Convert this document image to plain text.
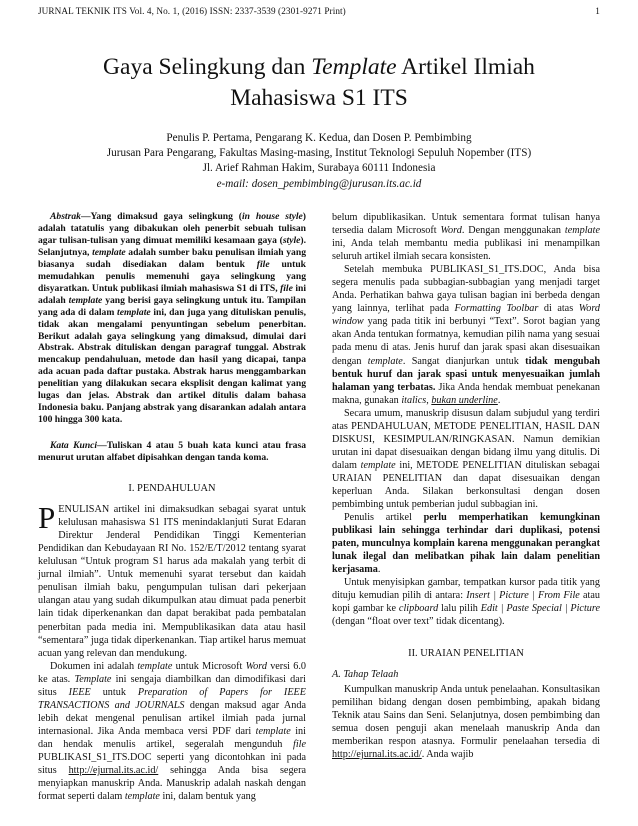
JURNAL TEKNIK ITS Vol. 4, No. 1, (2016) ISSN: 2337-3539 (2301-9271 Print)	1
Gaya Selingkung dan Template Artikel Ilmiah
Mahasiswa S1 ITS
Penulis P. Pertama, Pengarang K. Kedua, dan Dosen P. Pembimbing
Jurusan Para Pengarang, Fakultas Masing-masing, Institut Teknologi Sepuluh Nopember (ITS)
Jl. Arief Rahman Hakim, Surabaya 60111 Indonesia
e-mail: dosen_pembimbing@jurusan.its.ac.id

Abstrak—Yang dimaksud gaya selingkung (in house style) adalah tatatulis yang dibakukan oleh penerbit sebuah tulisan agar tulisan-tulisan yang dimuat memiliki kesamaan gaya (style). Selanjutnya, template adalah sumber baku penulisan ilmiah yang biasanya sudah disediakan dalam bentuk file untuk memudahkan penulis memenuhi gaya selingkung yang disyaratkan. Untuk publikasi ilmiah mahasiswa S1 di ITS, file ini adalah template yang berisi gaya selingkung untuk itu. Tampilan yang ada di dalam template ini, dan juga yang dituliskan penulis, tidak akan mengalami penyuntingan sebelum penerbitan. Berikut adalah gaya selingkung yang dimaksud, dimulai dari Abstrak. Abstrak dituliskan dengan paragraf tunggal. Abstrak mencakup pendahuluan, metode dan hasil yang dicapai, tanpa ada acuan pada daftar pustaka. Abstrak harus menggambarkan penelitian yang dilakukan secara eksplisit dengan kalimat yang lugas dan jelas. Abstrak dan artikel ditulis dalam bahasa Indonesia baku. Panjang abstrak yang disarankan adalah antara 100 hingga 300 kata.

Kata Kunci—Tuliskan 4 atau 5 buah kata kunci atau frasa menurut urutan alfabet dipisahkan dengan tanda koma.

I. PENDAHULUAN

PENULISAN artikel ini dimaksudkan sebagai syarat untuk kelulusan mahasiswa S1 ITS menindaklanjuti Surat Edaran Direktur Jenderal Pendidikan Tinggi Kementerian Pendidikan dan Kebudayaan RI No. 152/E/T/2012 tentang syarat kelulusan “Untuk program S1 harus ada makalah yang terbit di jurnal ilmiah”. Untuk memenuhi syarat tersebut dan kaidah penulisan ilmiah baku, pengumpulan tulisan dari pekerjaan ulangan atau yang sudah dikumpulkan atau dimuat pada penerbit lain tidak diperkenankan dan dapat berakibat pada pembatalan penerbitan pada media ini. Mempublikasikan data atau hasil “sementara” juga tidak diperkenankan. Tiap artikel harus memuat acuan yang relevan dan mendukung.

Dokumen ini adalah template untuk Microsoft Word versi 6.0 ke atas. Template ini sengaja diambilkan dan dimodifikasi dari situs IEEE untuk Preparation of Papers for IEEE TRANSACTIONS and JOURNALS dengan maksud agar Anda lebih dekat mengenal penulisan artikel ilmiah pada jurnal internasional. Jika Anda membaca versi PDF dari template ini dan hendak menulis artikel, segeralah mengunduh file PUBLIKASI_S1_ITS.DOC seperti yang dicontohkan ini pada situs http://ejurnal.its.ac.id/ sehingga Anda bisa segera menyiapkan manuskrip Anda. Manuskrip adalah naskah dengan format seperti dalam template ini, dalam bentuk yang

belum dipublikasikan. Untuk sementara format tulisan hanya tersedia dalam Microsoft Word. Dengan menggunakan template ini, Anda telah membantu media publikasi ini menampilkan seluruh artikel ilmiah secara konsisten.

Setelah membuka PUBLIKASI_S1_ITS.DOC, Anda bisa segera menulis pada subbagian-subbagian yang menjadi target Anda. Perhatikan bahwa gaya tulisan bagian ini berbeda dengan yang lainnya, terlihat pada Formatting Toolbar di atas Word window yang pada titik ini berbunyi “Text”. Sorot bagian yang akan Anda tentukan formatnya, kemudian pilih nama yang sesuai pada menu di atas. Jenis huruf dan jarak spasi akan disesuaikan dengan template. Sangat dianjurkan untuk tidak mengubah bentuk huruf dan jarak spasi untuk menyesuaikan jumlah halaman yang terbatas. Jika Anda hendak membuat penekanan makna, gunakan italics, bukan underline.

Secara umum, manuskrip disusun dalam subjudul yang terdiri atas PENDAHULUAN, METODE PENELITIAN, HASIL DAN DISKUSI, KESIMPULAN/RINGKASAN. Namun demikian urutan ini dapat disesuaikan dengan bidang ilmu yang ditulis. Di dalam template ini, METODE PENELITIAN dituliskan sebagai URAIAN PENELITIAN dan dapat disesuaikan dengan keperluan Anda. Silakan berkonsultasi dengan dosen pembimbing untuk pemberian judul subbagian ini.

Penulis artikel perlu memperhatikan kemungkinan publikasi lain sehingga terhindar dari duplikasi, potensi paten, munculnya komplain karena menggunakan perangkat lunak ilegal dan melibatkan pihak lain dalam penelitian kerjasama.

Untuk menyisipkan gambar, tempatkan kursor pada titik yang dituju kemudian pilih di antara: Insert | Picture | From File atau kopi gambar ke clipboard lalu pilih Edit | Paste Special | Picture (dengan “float over text” tidak dicentang).

II. URAIAN PENELITIAN

A. Tahap Telaah

Kumpulkan manuskrip Anda untuk penelaahan. Konsultasikan pemilihan bidang dengan dosen pembimbing, apakah bidang Teknik atau Sains dan Seni. Selanjutnya, dosen pembimbing dan semua dosen penguji akan menelaah manuskrip Anda dan memberikan respon atasnya. Formulir penelaahan tersedia di http://ejurnal.its.ac.id/. Anda wajib
